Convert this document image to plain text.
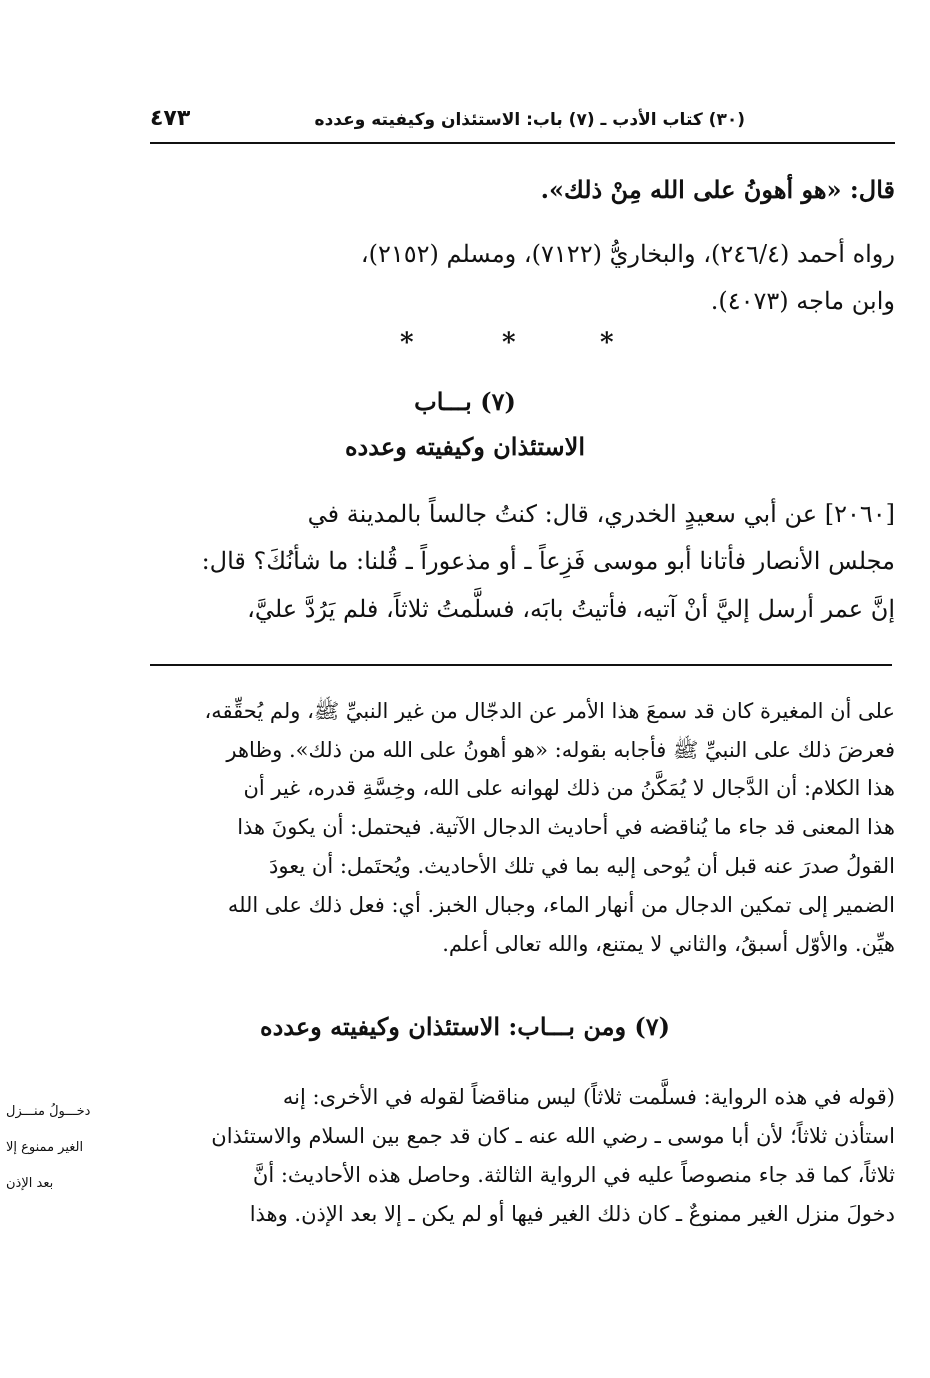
(٣٠) كتاب الأدب ـ (٧) باب: الاستئذان وكيفيته وعدده
٤٧٣
قال: «هو أهونُ على الله مِنْ ذلك».
رواه أحمد (٢٤٦/٤)، والبخاريُّ (٧١٢٢)، ومسلم (٢١٥٢)،
وابن ماجه (٤٠٧٣).
*	*	*
(٧) بـــاب
الاستئذان وكيفيته وعدده
[٢٠٦٠] عن أبي سعيدٍ الخدري، قال: كنتُ جالساً بالمدينة في
مجلس الأنصار فأتانا أبو موسى فَزِعاً ـ أو مذعوراً ـ قُلنا: ما شأنُكَ؟ قال:
إنَّ عمر أرسل إليَّ أنْ آتيه، فأتيتُ بابَه، فسلَّمتُ ثلاثاً، فلم يَرُدَّ عليَّ،
على أن المغيرة كان قد سمعَ هذا الأمر عن الدجّال من غير النبيِّ ﷺ، ولم يُحقِّقه،
فعرضَ ذلك على النبيِّ ﷺ فأجابه بقوله: «هو أهونُ على الله من ذلك». وظاهر
هذا الكلام: أن الدَّجال لا يُمَكَّنُ من ذلك لهوانه على الله، وخِسَّةِ قدره، غير أن
هذا المعنى قد جاء ما يُناقضه في أحاديث الدجال الآتية. فيحتمل: أن يكونَ هذا
القولُ صدرَ عنه قبل أن يُوحى إليه بما في تلك الأحاديث. ويُحتَمل: أن يعودَ
الضمير إلى تمكين الدجال من أنهار الماء، وجبال الخبز. أي: فعل ذلك على الله
هيِّن. والأوّل أسبقُ، والثاني لا يمتنع، والله تعالى أعلم.
(٧) ومن بـــاب: الاستئذان وكيفيته وعدده
(قوله في هذه الرواية: فسلَّمت ثلاثاً) ليس مناقضاً لقوله في الأخرى: إنه
استأذن ثلاثاً؛ لأن أبا موسى ـ رضي الله عنه ـ كان قد جمع بين السلام والاستئذان
ثلاثاً، كما قد جاء منصوصاً عليه في الرواية الثالثة. وحاصل هذه الأحاديث: أنَّ
دخولَ منزل الغير ممنوعٌ ـ كان ذلك الغير فيها أو لم يكن ـ إلا بعد الإذن. وهذا
دخـــولُ منـــزل
الغير ممنوع إلا
بعد الإذن
